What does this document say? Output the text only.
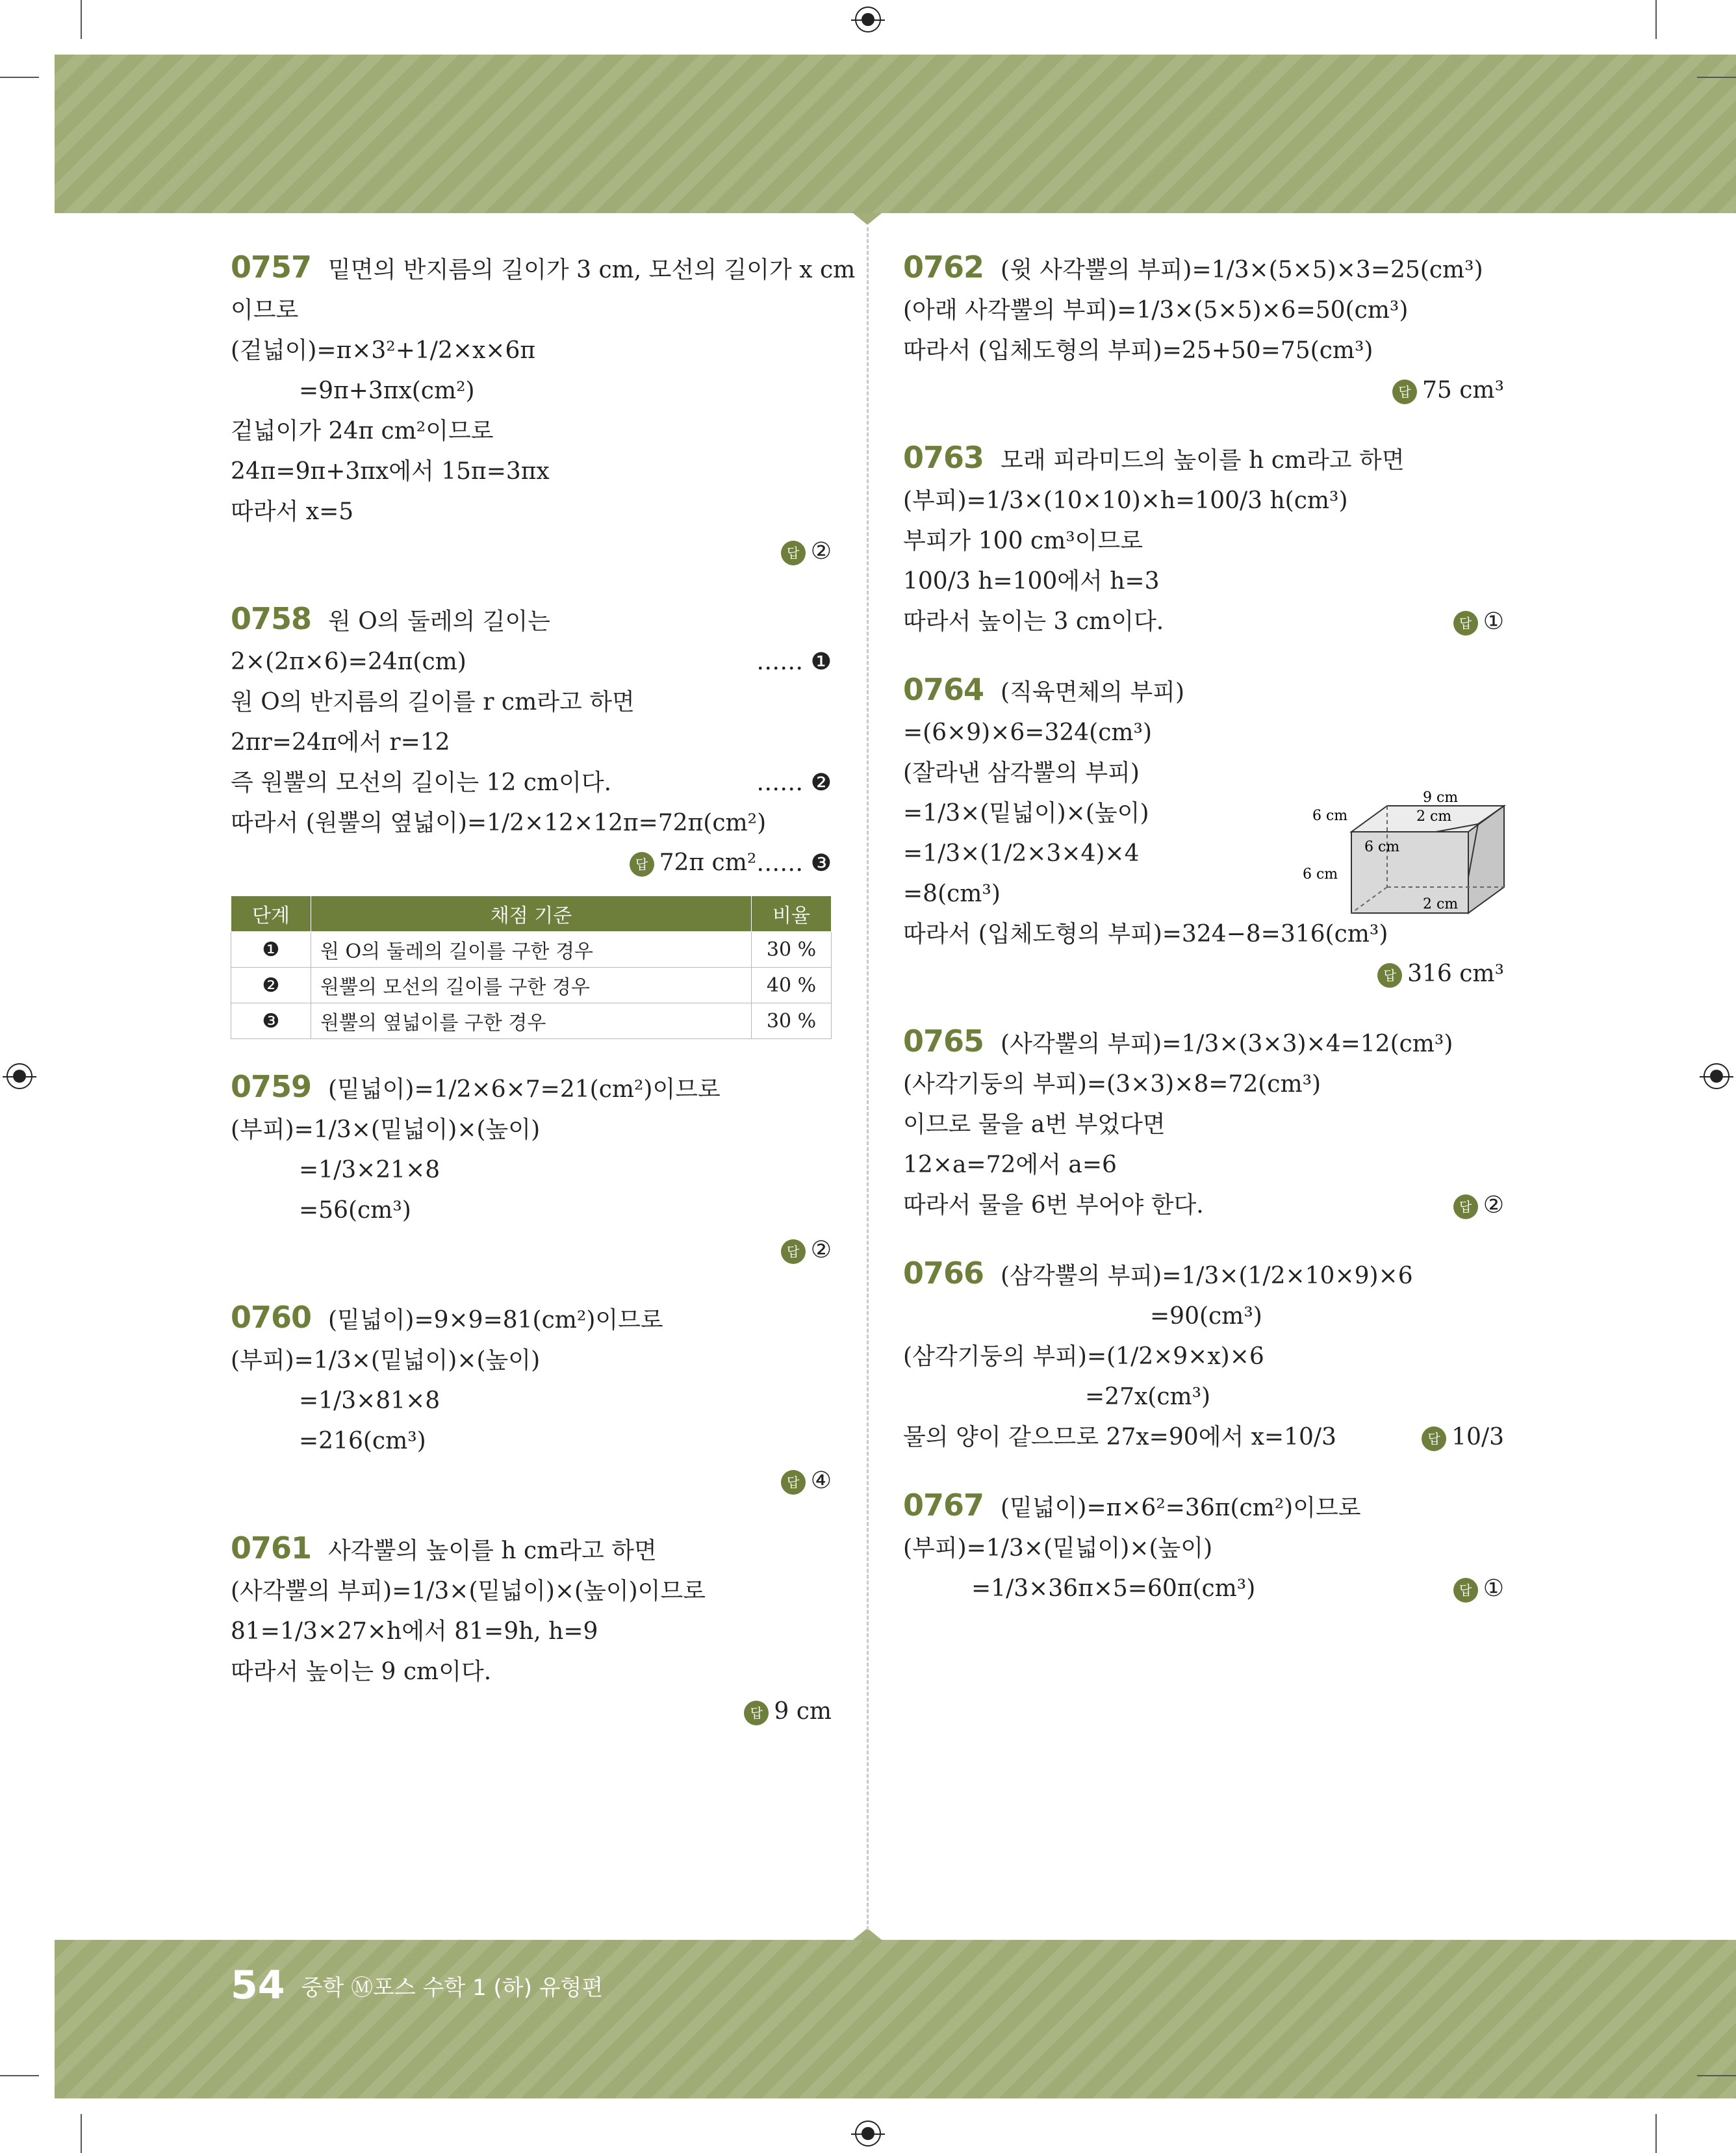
0757 밑면의 반지름의 길이가 3 cm, 모선의 길이가 x cm
이므로
(겉넓이)=π×3²+1/2×x×6π
=9π+3πx(cm²)
겉넓이가 24π cm²이므로
24π=9π+3πx에서 15π=3πx
따라서 x=5
답 ②
0758 원 O의 둘레의 길이는
2×(2π×6)=24π(cm)	…… ❶
원 O의 반지름의 길이를 r cm라고 하면
2πr=24π에서 r=12
즉 원뿔의 모선의 길이는 12 cm이다.	…… ❷
따라서 (원뿔의 옆넓이)=1/2×12×12π=72π(cm²)
…… ❸
답 72π cm²
단계	채점 기준	비율
❶	원 O의 둘레의 길이를 구한 경우	30 %
❷	원뿔의 모선의 길이를 구한 경우	40 %
❸	원뿔의 옆넓이를 구한 경우	30 %
0759 (밑넓이)=1/2×6×7=21(cm²)이므로
(부피)=1/3×(밑넓이)×(높이)
=1/3×21×8
=56(cm³)
답 ②
0760 (밑넓이)=9×9=81(cm²)이므로
(부피)=1/3×(밑넓이)×(높이)
=1/3×81×8
=216(cm³)
답 ④
0761 사각뿔의 높이를 h cm라고 하면
(사각뿔의 부피)=1/3×(밑넓이)×(높이)이므로
81=1/3×27×h에서 81=9h, h=9
따라서 높이는 9 cm이다.
답 9 cm
0762 (윗 사각뿔의 부피)=1/3×(5×5)×3=25(cm³)
(아래 사각뿔의 부피)=1/3×(5×5)×6=50(cm³)
따라서 (입체도형의 부피)=25+50=75(cm³)
답 75 cm³
0763 모래 피라미드의 높이를 h cm라고 하면
(부피)=1/3×(10×10)×h=100/3 h(cm³)
부피가 100 cm³이므로
100/3 h=100에서 h=3
따라서 높이는 3 cm이다.	답 ①
0764 (직육면체의 부피)
=(6×9)×6=324(cm³)
(잘라낸 삼각뿔의 부피)
=1/3×(밑넓이)×(높이)
=1/3×(1/2×3×4)×4
=8(cm³)
따라서 (입체도형의 부피)=324−8=316(cm³)
답 316 cm³
0765 (사각뿔의 부피)=1/3×(3×3)×4=12(cm³)
(사각기둥의 부피)=(3×3)×8=72(cm³)
이므로 물을 a번 부었다면
12×a=72에서 a=6
따라서 물을 6번 부어야 한다.	답 ②
0766 (삼각뿔의 부피)=1/3×(1/2×10×9)×6
=90(cm³)
(삼각기둥의 부피)=(1/2×9×x)×6
=27x(cm³)
물의 양이 같으므로 27x=90에서 x=10/3	답 10/3
0767 (밑넓이)=π×6²=36π(cm²)이므로
(부피)=1/3×(밑넓이)×(높이)
=1/3×36π×5=60π(cm³)	답 ①
9 cm
2 cm
6 cm
6 cm
6 cm
2 cm
54 중학 Ⓜ포스 수학 1 (하) 유형편
